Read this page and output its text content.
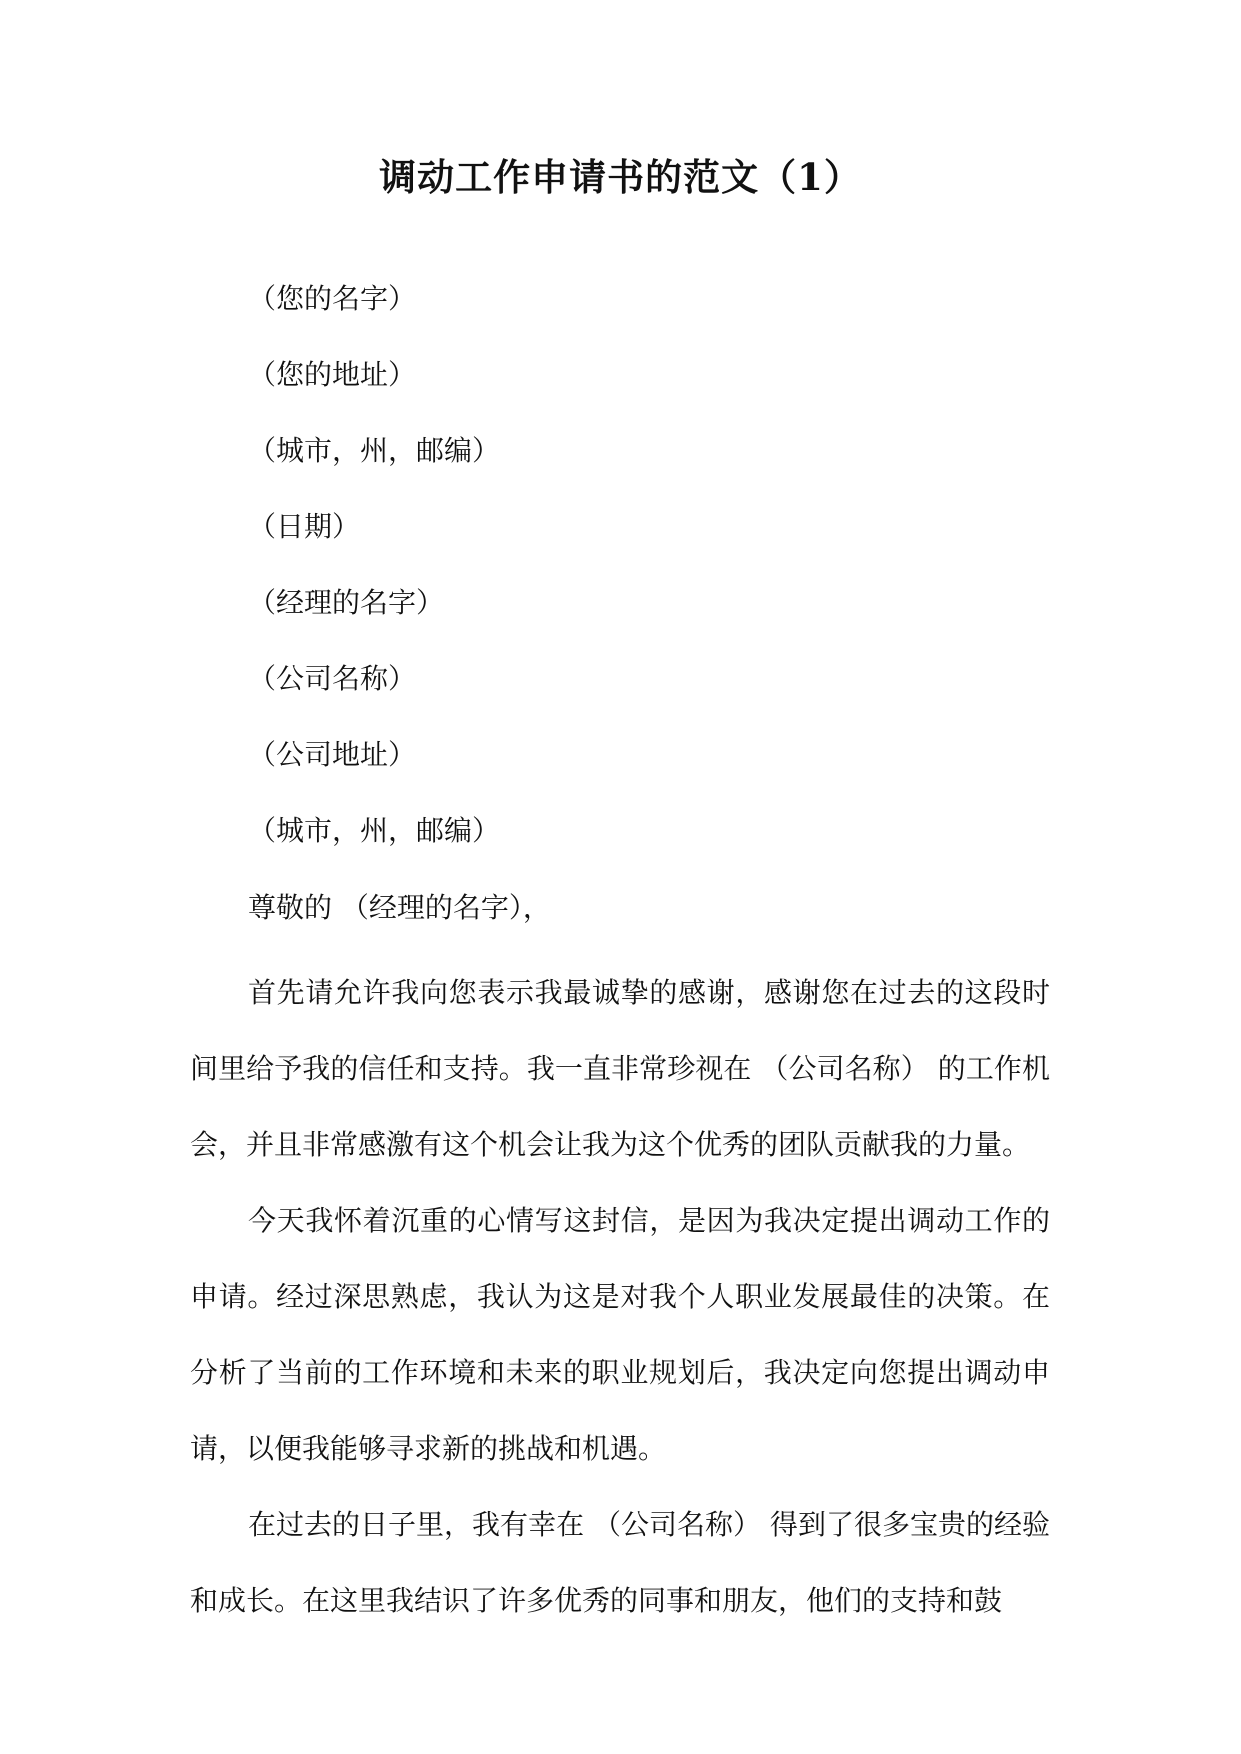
调动工作申请书的范文（1）
（您的名字）
（您的地址）
（城市，州，邮编）
（日期）
（经理的名字）
（公司名称）
（公司地址）
（城市，州，邮编）
尊敬的 （经理的名字），

首先请允许我向您表示我最诚挚的感谢，感谢您在过去的这段时间里给予我的信任和支持。我一直非常珍视在 （公司名称） 的工作机会，并且非常感激有这个机会让我为这个优秀的团队贡献我的力量。

今天我怀着沉重的心情写这封信，是因为我决定提出调动工作的申请。经过深思熟虑，我认为这是对我个人职业发展最佳的决策。在分析了当前的工作环境和未来的职业规划后，我决定向您提出调动申请，以便我能够寻求新的挑战和机遇。

在过去的日子里，我有幸在 （公司名称） 得到了很多宝贵的经验和成长。在这里我结识了许多优秀的同事和朋友，他们的支持和鼓
